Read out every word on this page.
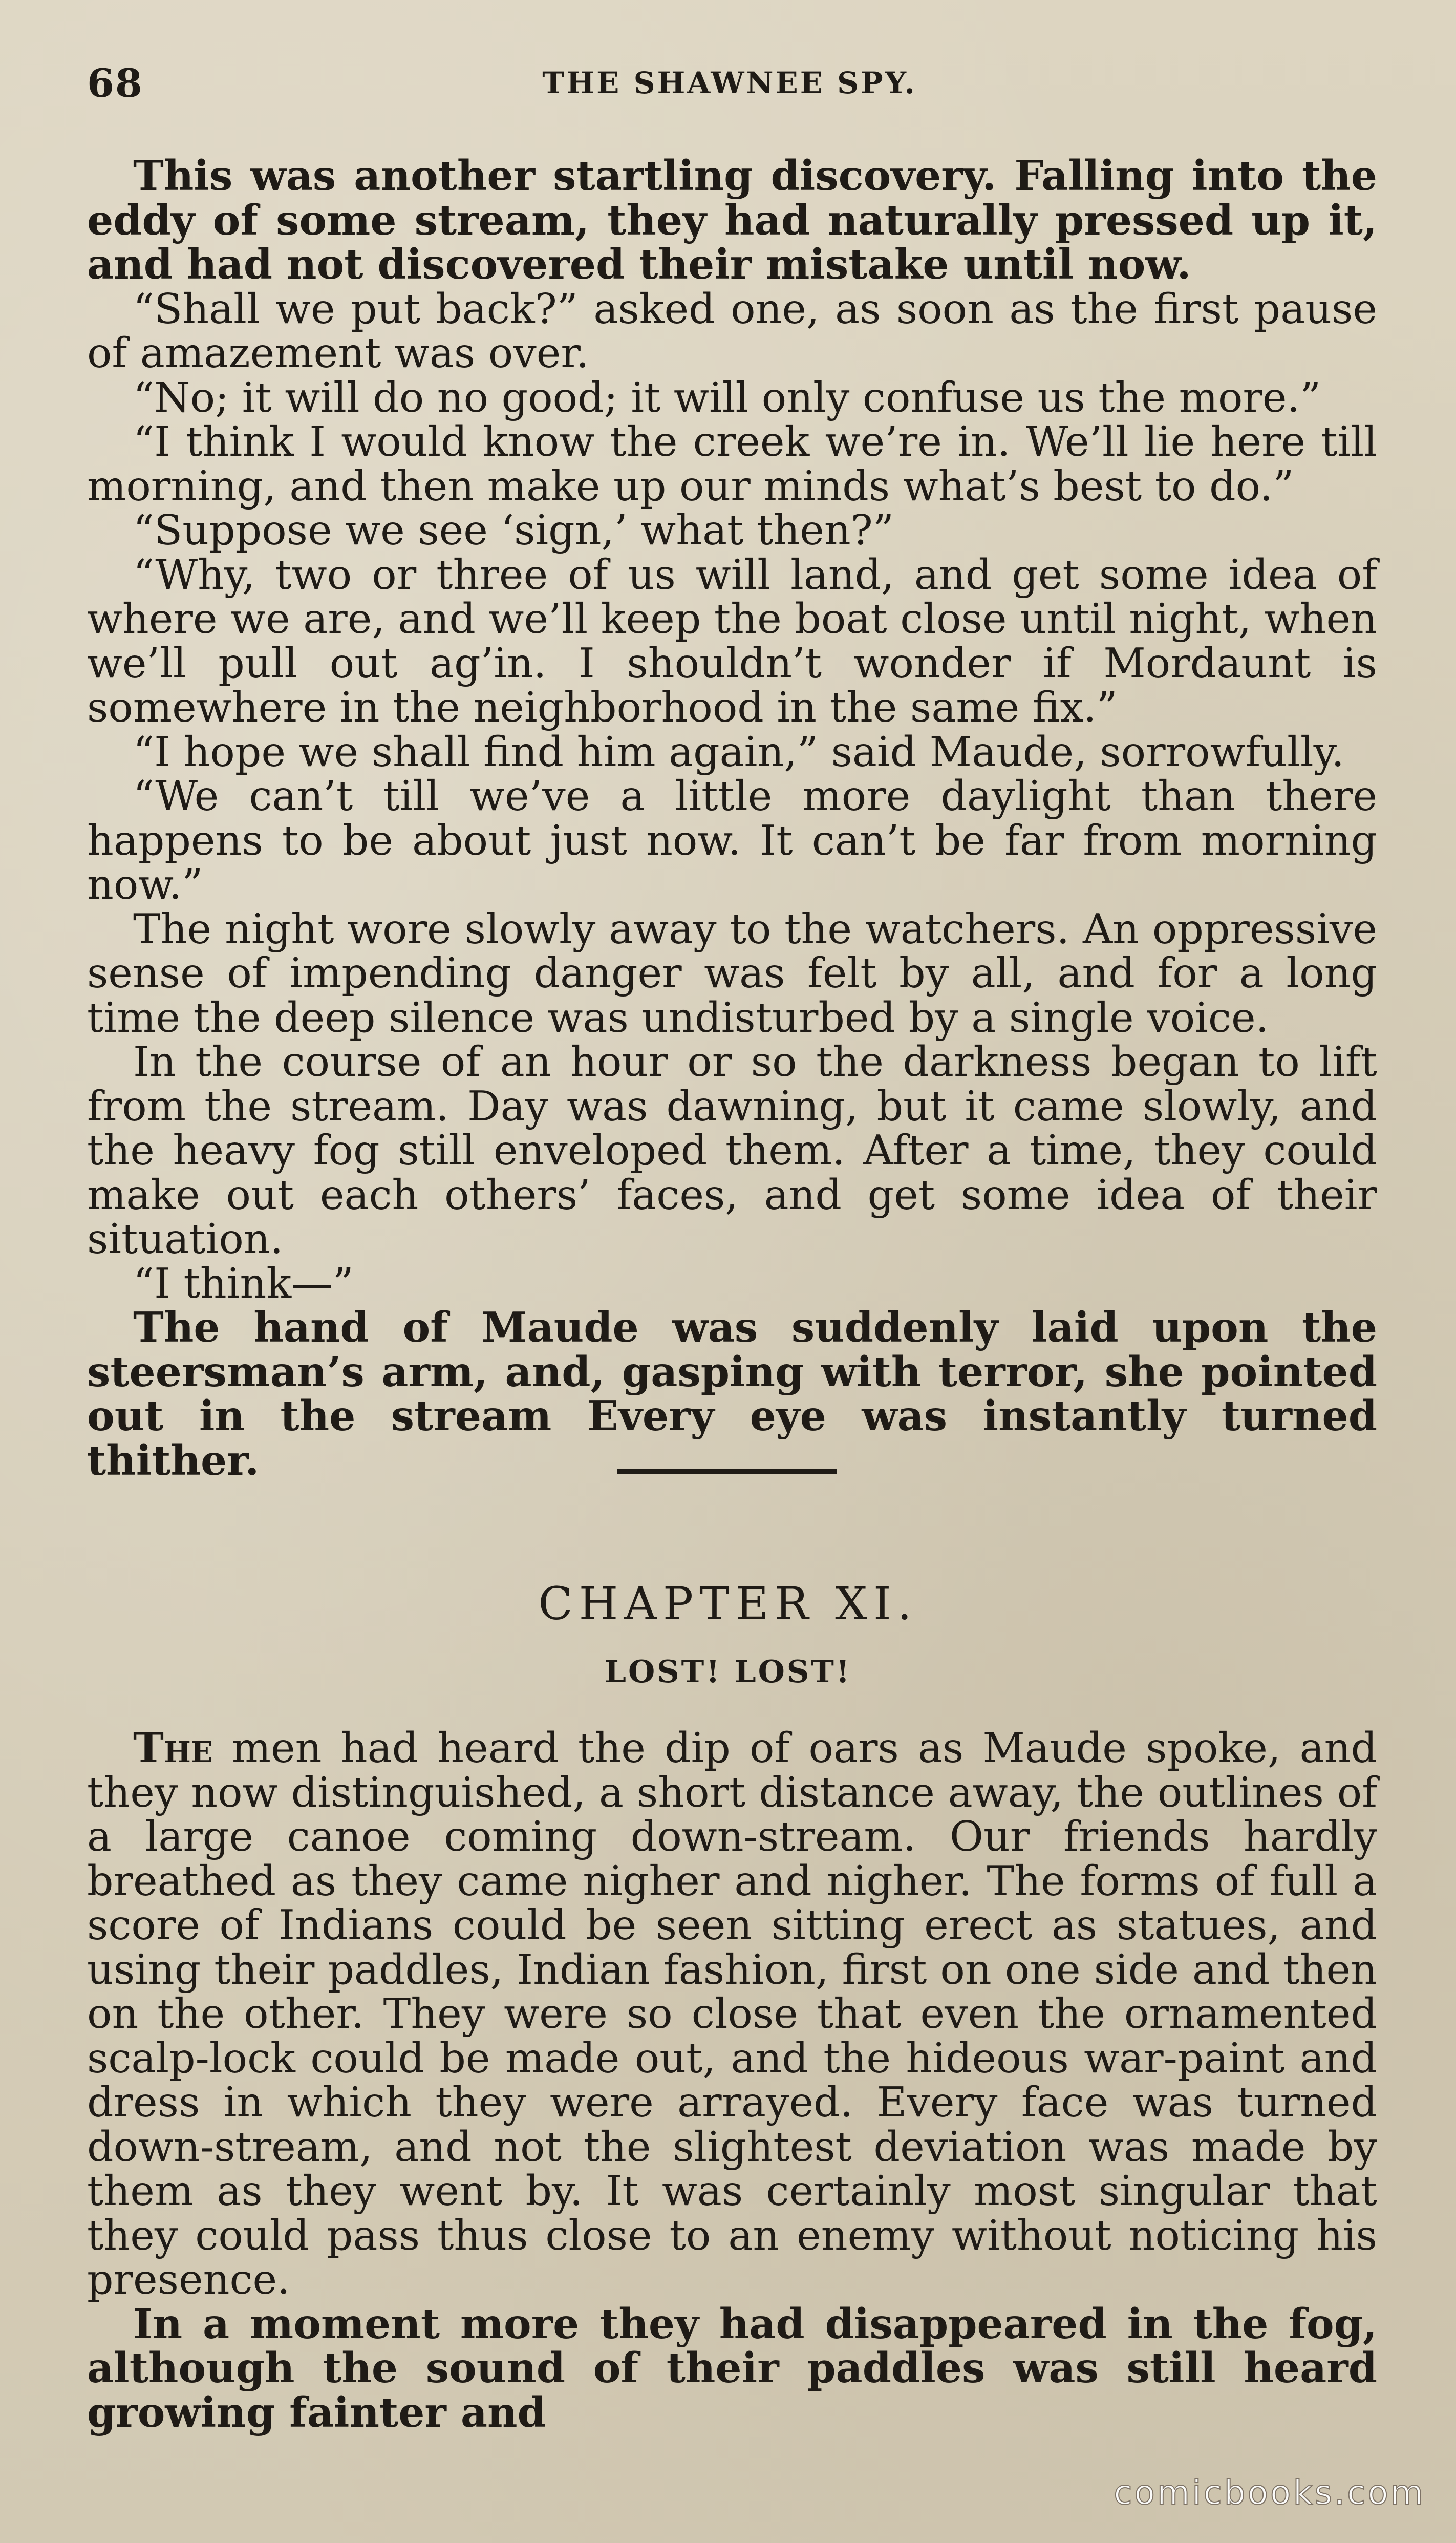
68	THE SHAWNEE SPY.

This was another startling discovery. Falling into the eddy of some stream, they had naturally pressed up it, and had not discovered their mistake until now.

“Shall we put back?” asked one, as soon as the first pause of amazement was over.

“No; it will do no good; it will only confuse us the more.”

“I think I would know the creek we’re in. We’ll lie here till morning, and then make up our minds what’s best to do.”

“Suppose we see ‘sign,’ what then?”

“Why, two or three of us will land, and get some idea of where we are, and we’ll keep the boat close until night, when we’ll pull out ag’in. I shouldn’t wonder if Mordaunt is somewhere in the neighborhood in the same fix.”

“I hope we shall find him again,” said Maude, sorrowfully.

“We can’t till we’ve a little more daylight than there happens to be about just now. It can’t be far from morning now.”

The night wore slowly away to the watchers. An oppressive sense of impending danger was felt by all, and for a long time the deep silence was undisturbed by a single voice.

In the course of an hour or so the darkness began to lift from the stream. Day was dawning, but it came slowly, and the heavy fog still enveloped them. After a time, they could make out each others’ faces, and get some idea of their situation.

“I think—”

The hand of Maude was suddenly laid upon the steersman’s arm, and, gasping with terror, she pointed out in the stream Every eye was instantly turned thither.

CHAPTER XI.
LOST! LOST!

The men had heard the dip of oars as Maude spoke, and they now distinguished, a short distance away, the outlines of a large canoe coming down-stream. Our friends hardly breathed as they came nigher and nigher. The forms of full a score of Indians could be seen sitting erect as statues, and using their paddles, Indian fashion, first on one side and then on the other. They were so close that even the ornamented scalp-lock could be made out, and the hideous war-paint and dress in which they were arrayed. Every face was turned down-stream, and not the slightest deviation was made by them as they went by. It was certainly most singular that they could pass thus close to an enemy without noticing his presence.

In a moment more they had disappeared in the fog, although the sound of their paddles was still heard growing fainter and

comicbooks.com
